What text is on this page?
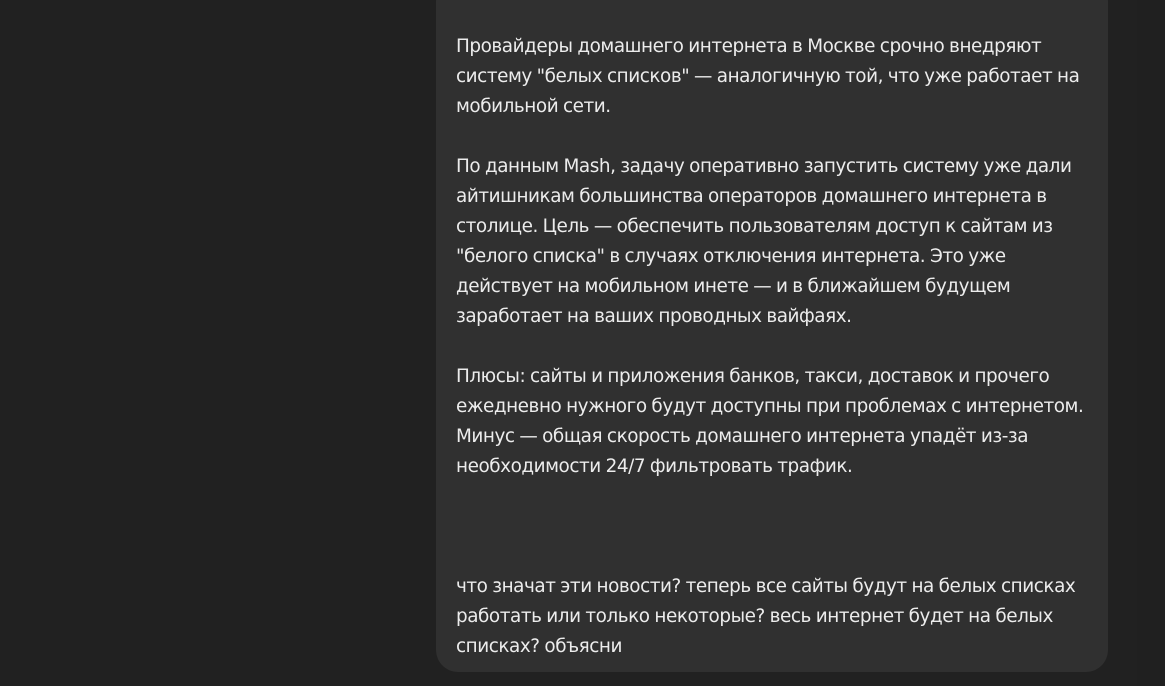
Провайдеры домашнего интернета в Москве срочно внедряют систему "белых списков" — аналогичную той, что уже работает на мобильной сети.
По данным Mash, задачу оперативно запустить систему уже дали айтишникам большинства операторов домашнего интернета в столице. Цель — обеспечить пользователям доступ к сайтам из "белого списка" в случаях отключения интернета. Это уже действует на мобильном инете — и в ближайшем будущем заработает на ваших проводных вайфаях.
Плюсы: сайты и приложения банков, такси, доставок и прочего ежедневно нужного будут доступны при проблемах с интернетом. Минус — общая скорость домашнего интернета упадёт из-за необходимости 24/7 фильтровать трафик.
что значат эти новости? теперь все сайты будут на белых списках работать или только некоторые? весь интернет будет на белых списках? объясни
